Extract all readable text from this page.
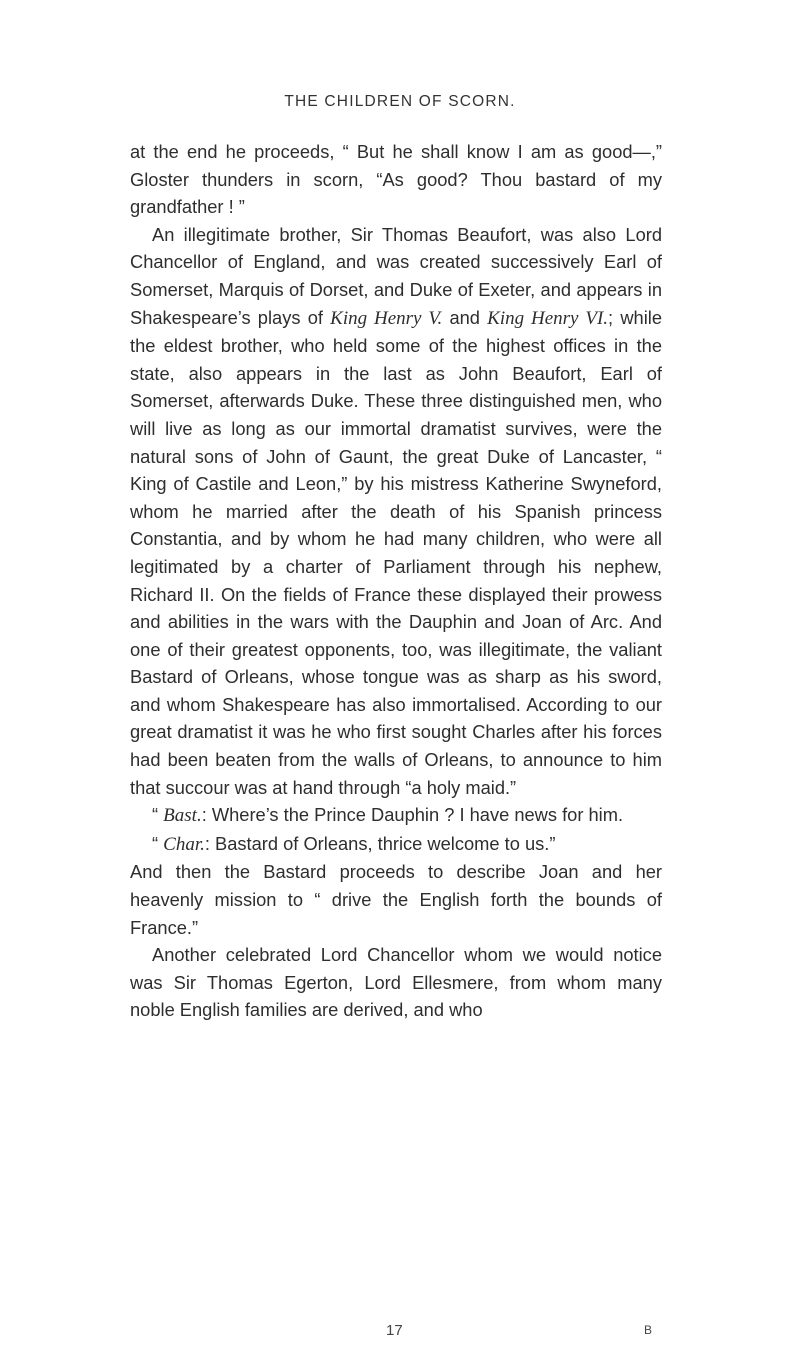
THE CHILDREN OF SCORN.

at the end he proceeds, “ But he shall know I am as good—,” Gloster thunders in scorn, “As good? Thou bastard of my grandfather ! ”

An illegitimate brother, Sir Thomas Beaufort, was also Lord Chancellor of England, and was created successively Earl of Somerset, Marquis of Dorset, and Duke of Exeter, and appears in Shakespeare’s plays of King Henry V. and King Henry VI.; while the eldest brother, who held some of the highest offices in the state, also appears in the last as John Beaufort, Earl of Somerset, afterwards Duke. These three distinguished men, who will live as long as our immortal dramatist survives, were the natural sons of John of Gaunt, the great Duke of Lancaster, “ King of Castile and Leon,” by his mistress Katherine Swyneford, whom he married after the death of his Spanish princess Constantia, and by whom he had many children, who were all legitimated by a charter of Parliament through his nephew, Richard II. On the fields of France these displayed their prowess and abilities in the wars with the Dauphin and Joan of Arc. And one of their greatest opponents, too, was illegitimate, the valiant Bastard of Orleans, whose tongue was as sharp as his sword, and whom Shakespeare has also immortalised. According to our great dramatist it was he who first sought Charles after his forces had been beaten from the walls of Orleans, to announce to him that succour was at hand through “a holy maid.”

“ Bast.: Where’s the Prince Dauphin ? I have news for him.

“ Char.: Bastard of Orleans, thrice welcome to us.”

And then the Bastard proceeds to describe Joan and her heavenly mission to “ drive the English forth the bounds of France.”

Another celebrated Lord Chancellor whom we would notice was Sir Thomas Egerton, Lord Ellesmere, from whom many noble English families are derived, and who

17	B
